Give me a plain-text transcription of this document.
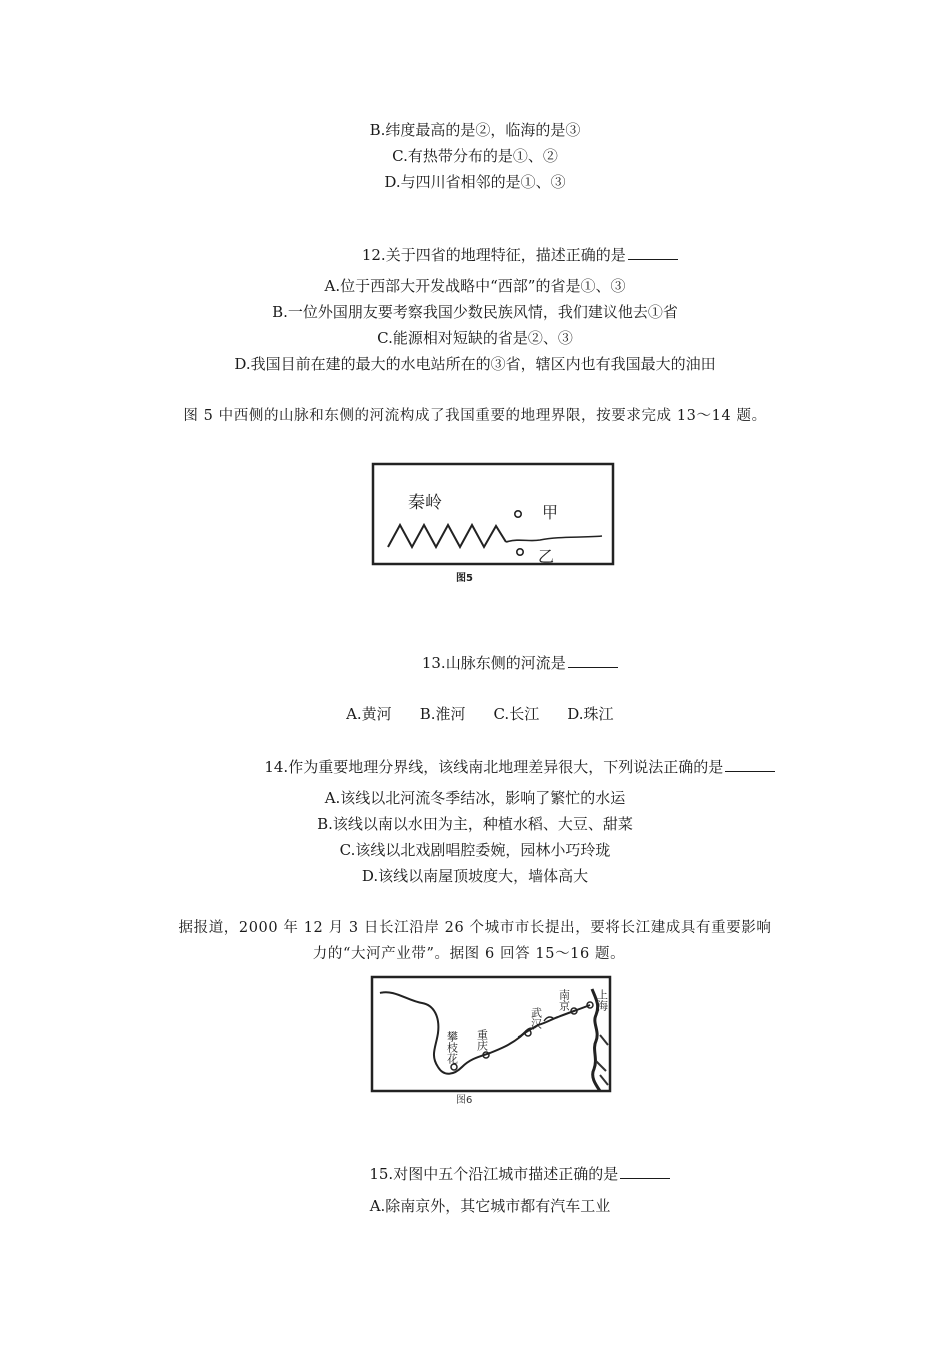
B.纬度最高的是②，临海的是③
C.有热带分布的是①、②
D.与四川省相邻的是①、③

12.关于四省的地理特征，描述正确的是

A.位于西部大开发战略中“西部”的省是①、③
B.一位外国朋友要考察我国少数民族风情，我们建议他去①省
C.能源相对短缺的省是②、③
D.我国目前在建的最大的水电站所在的③省，辖区内也有我国最大的油田
图 5 中西侧的山脉和东侧的河流构成了我国重要的地理界限，按要求完成 13～14 题。
秦岭	甲
乙
图5

13.山脉东侧的河流是

A.黄河 B.淮河 C.长江 D.珠江

14.作为重要地理分界线，该线南北地理差异很大，下列说法正确的是

A.该线以北河流冬季结冰，影响了繁忙的水运
B.该线以南以水田为主，种植水稻、大豆、甜菜
C.该线以北戏剧唱腔委婉，园林小巧玲珑
D.该线以南屋顶坡度大，墙体高大
据报道，2000 年 12 月 3 日长江沿岸 26 个城市市长提出，要将长江建成具有重要影响
力的“大河产业带”。据图 6 回答 15～16 题。
攀枝花 重庆
武汉
南京 上海
图6

15.对图中五个沿江城市描述正确的是

A.除南京外，其它城市都有汽车工业
